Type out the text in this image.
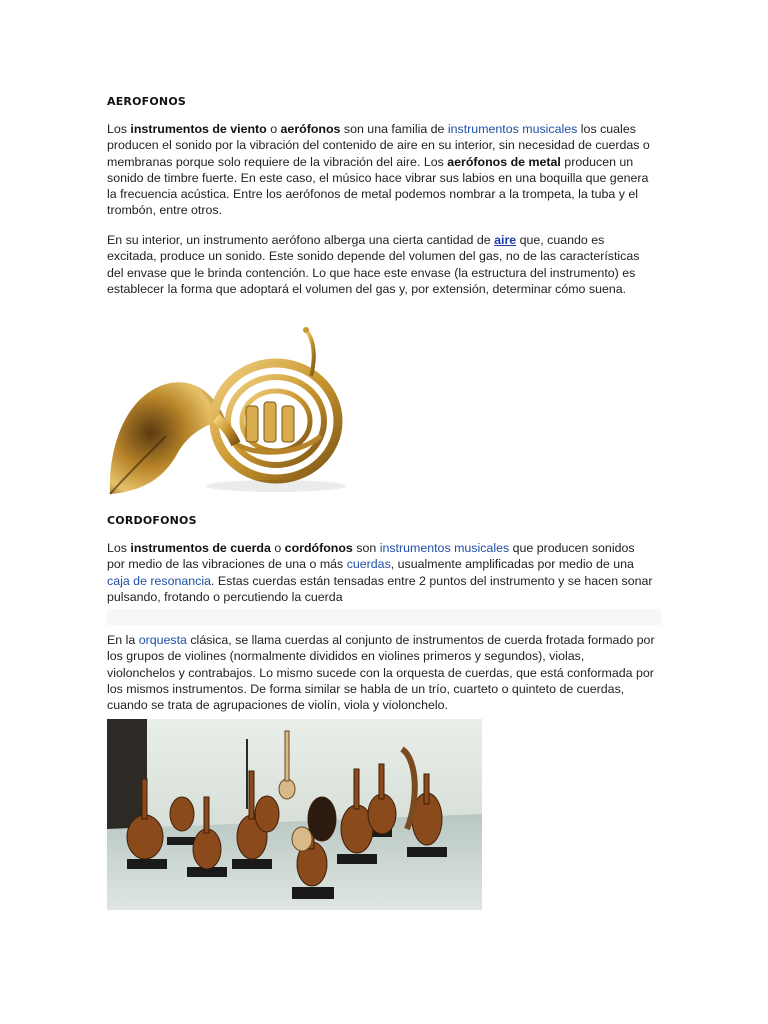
AEROFONOS
Los instrumentos de viento o aerófonos son una familia de instrumentos musicales los cuales producen el sonido por la vibración del contenido de aire en su interior, sin necesidad de cuerdas o membranas porque solo requiere de la vibración del aire. Los aerófonos de metal producen un sonido de timbre fuerte. En este caso, el músico hace vibrar sus labios en una boquilla que genera la frecuencia acústica. Entre los aerófonos de metal podemos nombrar a la trompeta, la tuba y el trombón, entre otros.
En su interior, un instrumento aerófono alberga una cierta cantidad de aire que, cuando es excitada, produce un sonido. Este sonido depende del volumen del gas, no de las características del envase que le brinda contención. Lo que hace este envase (la estructura del instrumento) es establecer la forma que adoptará el volumen del gas y, por extensión, determinar cómo suena.
CORDOFONOS
Los instrumentos de cuerda o cordófonos son instrumentos musicales que producen sonidos por medio de las vibraciones de una o más cuerdas, usualmente amplificadas por medio de una caja de resonancia. Estas cuerdas están tensadas entre 2 puntos del instrumento y se hacen sonar pulsando, frotando o percutiendo la cuerda
En la orquesta clásica, se llama cuerdas al conjunto de instrumentos de cuerda frotada formado por los grupos de violines (normalmente divididos en violines primeros y segundos), violas, violonchelos y contrabajos. Lo mismo sucede con la orquesta de cuerdas, que está conformada por los mismos instrumentos. De forma similar se habla de un trío, cuarteto o quinteto de cuerdas, cuando se trata de agrupaciones de violín, viola y violonchelo.
